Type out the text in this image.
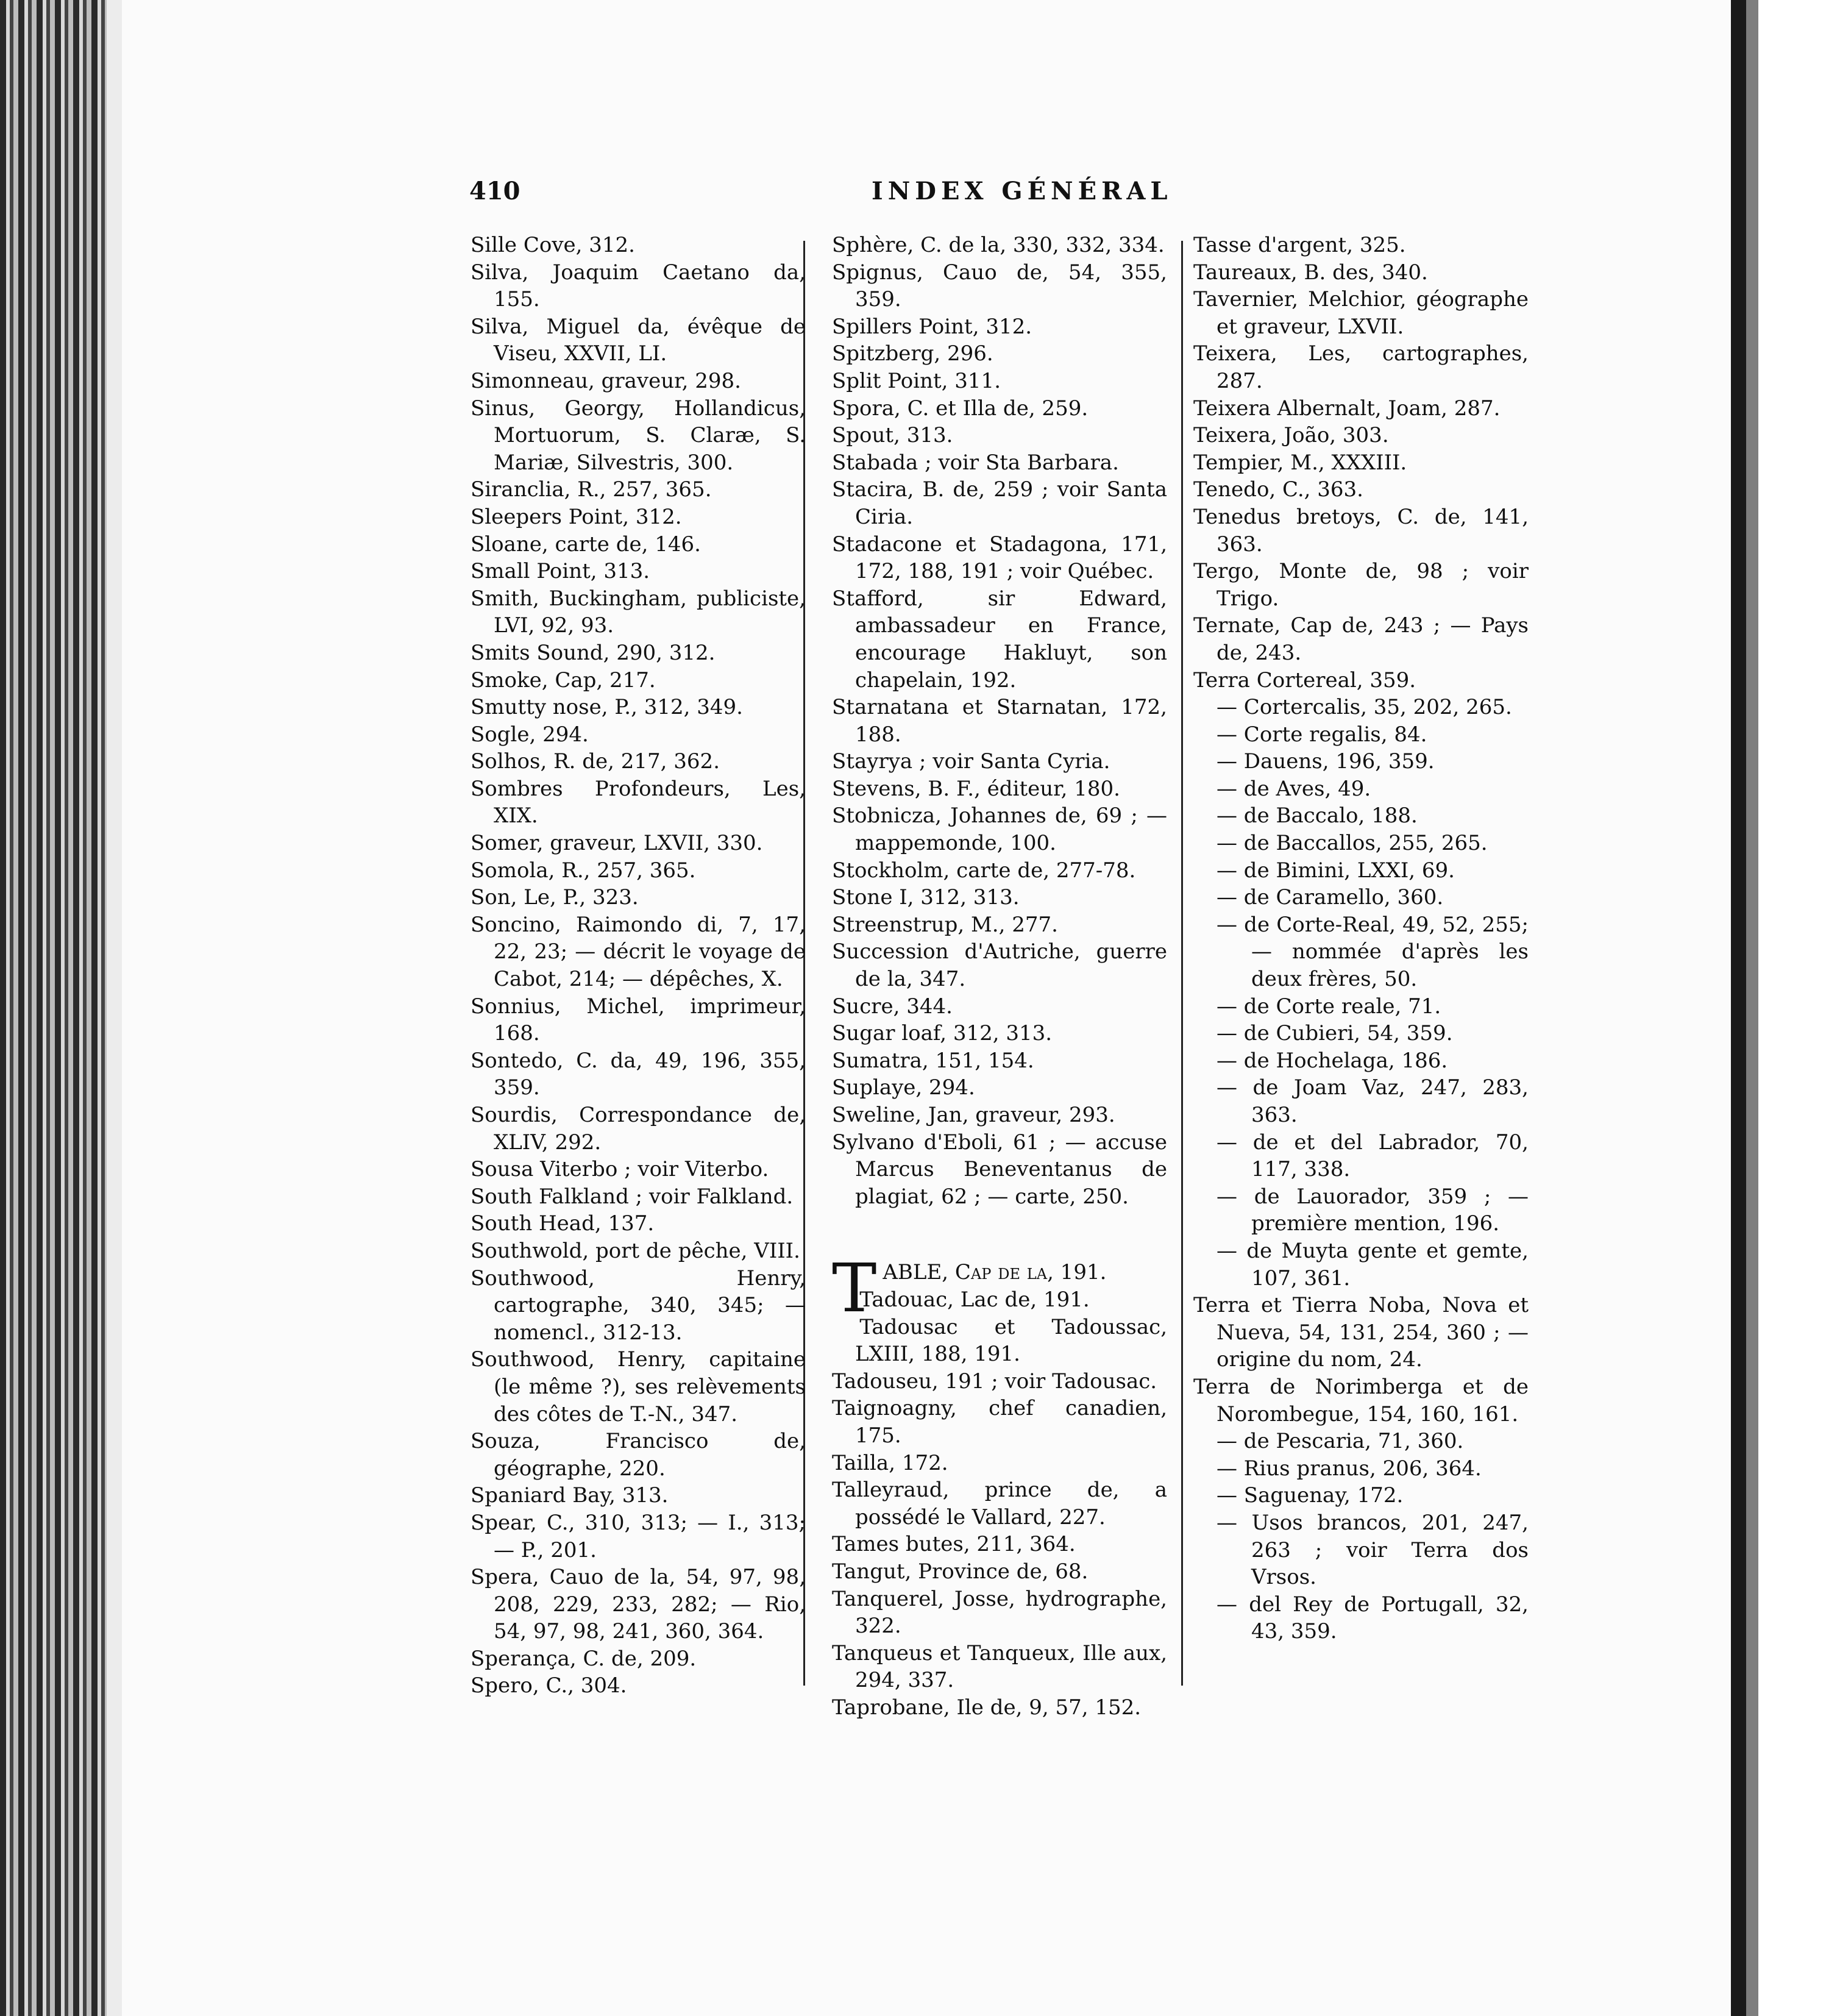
410	INDEX GÉNÉRAL
Sille Cove, 312.
Silva, Joaquim Caetano da, 155.
Silva, Miguel da, évêque de Viseu, XXVII, LI.
Simonneau, graveur, 298.
Sinus, Georgy, Hollandicus, Mortuorum, S. Claræ, S. Mariæ, Silvestris, 300.
Siranclia, R., 257, 365.
Sleepers Point, 312.
Sloane, carte de, 146.
Small Point, 313.
Smith, Buckingham, publiciste, LVI, 92, 93.
Smits Sound, 290, 312.
Smoke, Cap, 217.
Smutty nose, P., 312, 349.
Sogle, 294.
Solhos, R. de, 217, 362.
Sombres Profondeurs, Les, XIX.
Somer, graveur, LXVII, 330.
Somola, R., 257, 365.
Son, Le, P., 323.
Soncino, Raimondo di, 7, 17, 22, 23; — décrit le voyage de Cabot, 214; — dépêches, X.
Sonnius, Michel, imprimeur, 168.
Sontedo, C. da, 49, 196, 355, 359.
Sourdis, Correspondance de, XLIV, 292.
Sousa Viterbo ; voir Viterbo.
South Falkland ; voir Falkland.
South Head, 137.
Southwold, port de pêche, VIII.
Southwood, Henry, cartographe, 340, 345; — nomencl., 312-13.
Southwood, Henry, capitaine (le même ?), ses relèvements des côtes de T.-N., 347.
Souza, Francisco de, géographe, 220.
Spaniard Bay, 313.
Spear, C., 310, 313; — I., 313; — P., 201.
Spera, Cauo de la, 54, 97, 98, 208, 229, 233, 282; — Rio, 54, 97, 98, 241, 360, 364.
Sperança, C. de, 209.
Spero, C., 304.
Sphère, C. de la, 330, 332, 334.
Spignus, Cauo de, 54, 355, 359.
Spillers Point, 312.
Spitzberg, 296.
Split Point, 311.
Spora, C. et Illa de, 259.
Spout, 313.
Stabada ; voir Sta Barbara.
Stacira, B. de, 259 ; voir Santa Ciria.
Stadacone et Stadagona, 171, 172, 188, 191 ; voir Québec.
Stafford, sir Edward, ambassadeur en France, encourage Hakluyt, son chapelain, 192.
Starnatana et Starnatan, 172, 188.
Stayrya ; voir Santa Cyria.
Stevens, B. F., éditeur, 180.
Stobnicza, Johannes de, 69 ; — mappemonde, 100.
Stockholm, carte de, 277-78.
Stone I, 312, 313.
Streenstrup, M., 277.
Succession d'Autriche, guerre de la, 347.
Sucre, 344.
Sugar loaf, 312, 313.
Sumatra, 151, 154.
Suplaye, 294.
Sweline, Jan, graveur, 293.
Sylvano d'Eboli, 61 ; — accuse Marcus Beneventanus de plagiat, 62 ; — carte, 250.
TABLE, Cap de la, 191.
Tadouac, Lac de, 191.
Tadousac et Tadoussac, LXIII, 188, 191.
Tadouseu, 191 ; voir Tadousac.
Taignoagny, chef canadien, 175.
Tailla, 172.
Talleyraud, prince de, a possédé le Vallard, 227.
Tames butes, 211, 364.
Tangut, Province de, 68.
Tanquerel, Josse, hydrographe, 322.
Tanqueus et Tanqueux, Ille aux, 294, 337.
Taprobane, Ile de, 9, 57, 152.
Tasse d'argent, 325.
Taureaux, B. des, 340.
Tavernier, Melchior, géographe et graveur, LXVII.
Teixera, Les, cartographes, 287.
Teixera Albernalt, Joam, 287.
Teixera, João, 303.
Tempier, M., XXXIII.
Tenedo, C., 363.
Tenedus bretoys, C. de, 141, 363.
Tergo, Monte de, 98 ; voir Trigo.
Ternate, Cap de, 243 ; — Pays de, 243.
Terra Cortereal, 359.
— Cortercalis, 35, 202, 265.
— Corte regalis, 84.
— Dauens, 196, 359.
— de Aves, 49.
— de Baccalo, 188.
— de Baccallos, 255, 265.
— de Bimini, LXXI, 69.
— de Caramello, 360.
— de Corte-Real, 49, 52, 255; — nommée d'après les deux frères, 50.
— de Corte reale, 71.
— de Cubieri, 54, 359.
— de Hochelaga, 186.
— de Joam Vaz, 247, 283, 363.
— de et del Labrador, 70, 117, 338.
— de Lauorador, 359 ; — première mention, 196.
— de Muyta gente et gemte, 107, 361.
Terra et Tierra Noba, Nova et Nueva, 54, 131, 254, 360 ; — origine du nom, 24.
Terra de Norimberga et de Norombegue, 154, 160, 161.
— de Pescaria, 71, 360.
— Rius pranus, 206, 364.
— Saguenay, 172.
— Usos brancos, 201, 247, 263 ; voir Terra dos Vrsos.
— del Rey de Portugall, 32, 43, 359.
